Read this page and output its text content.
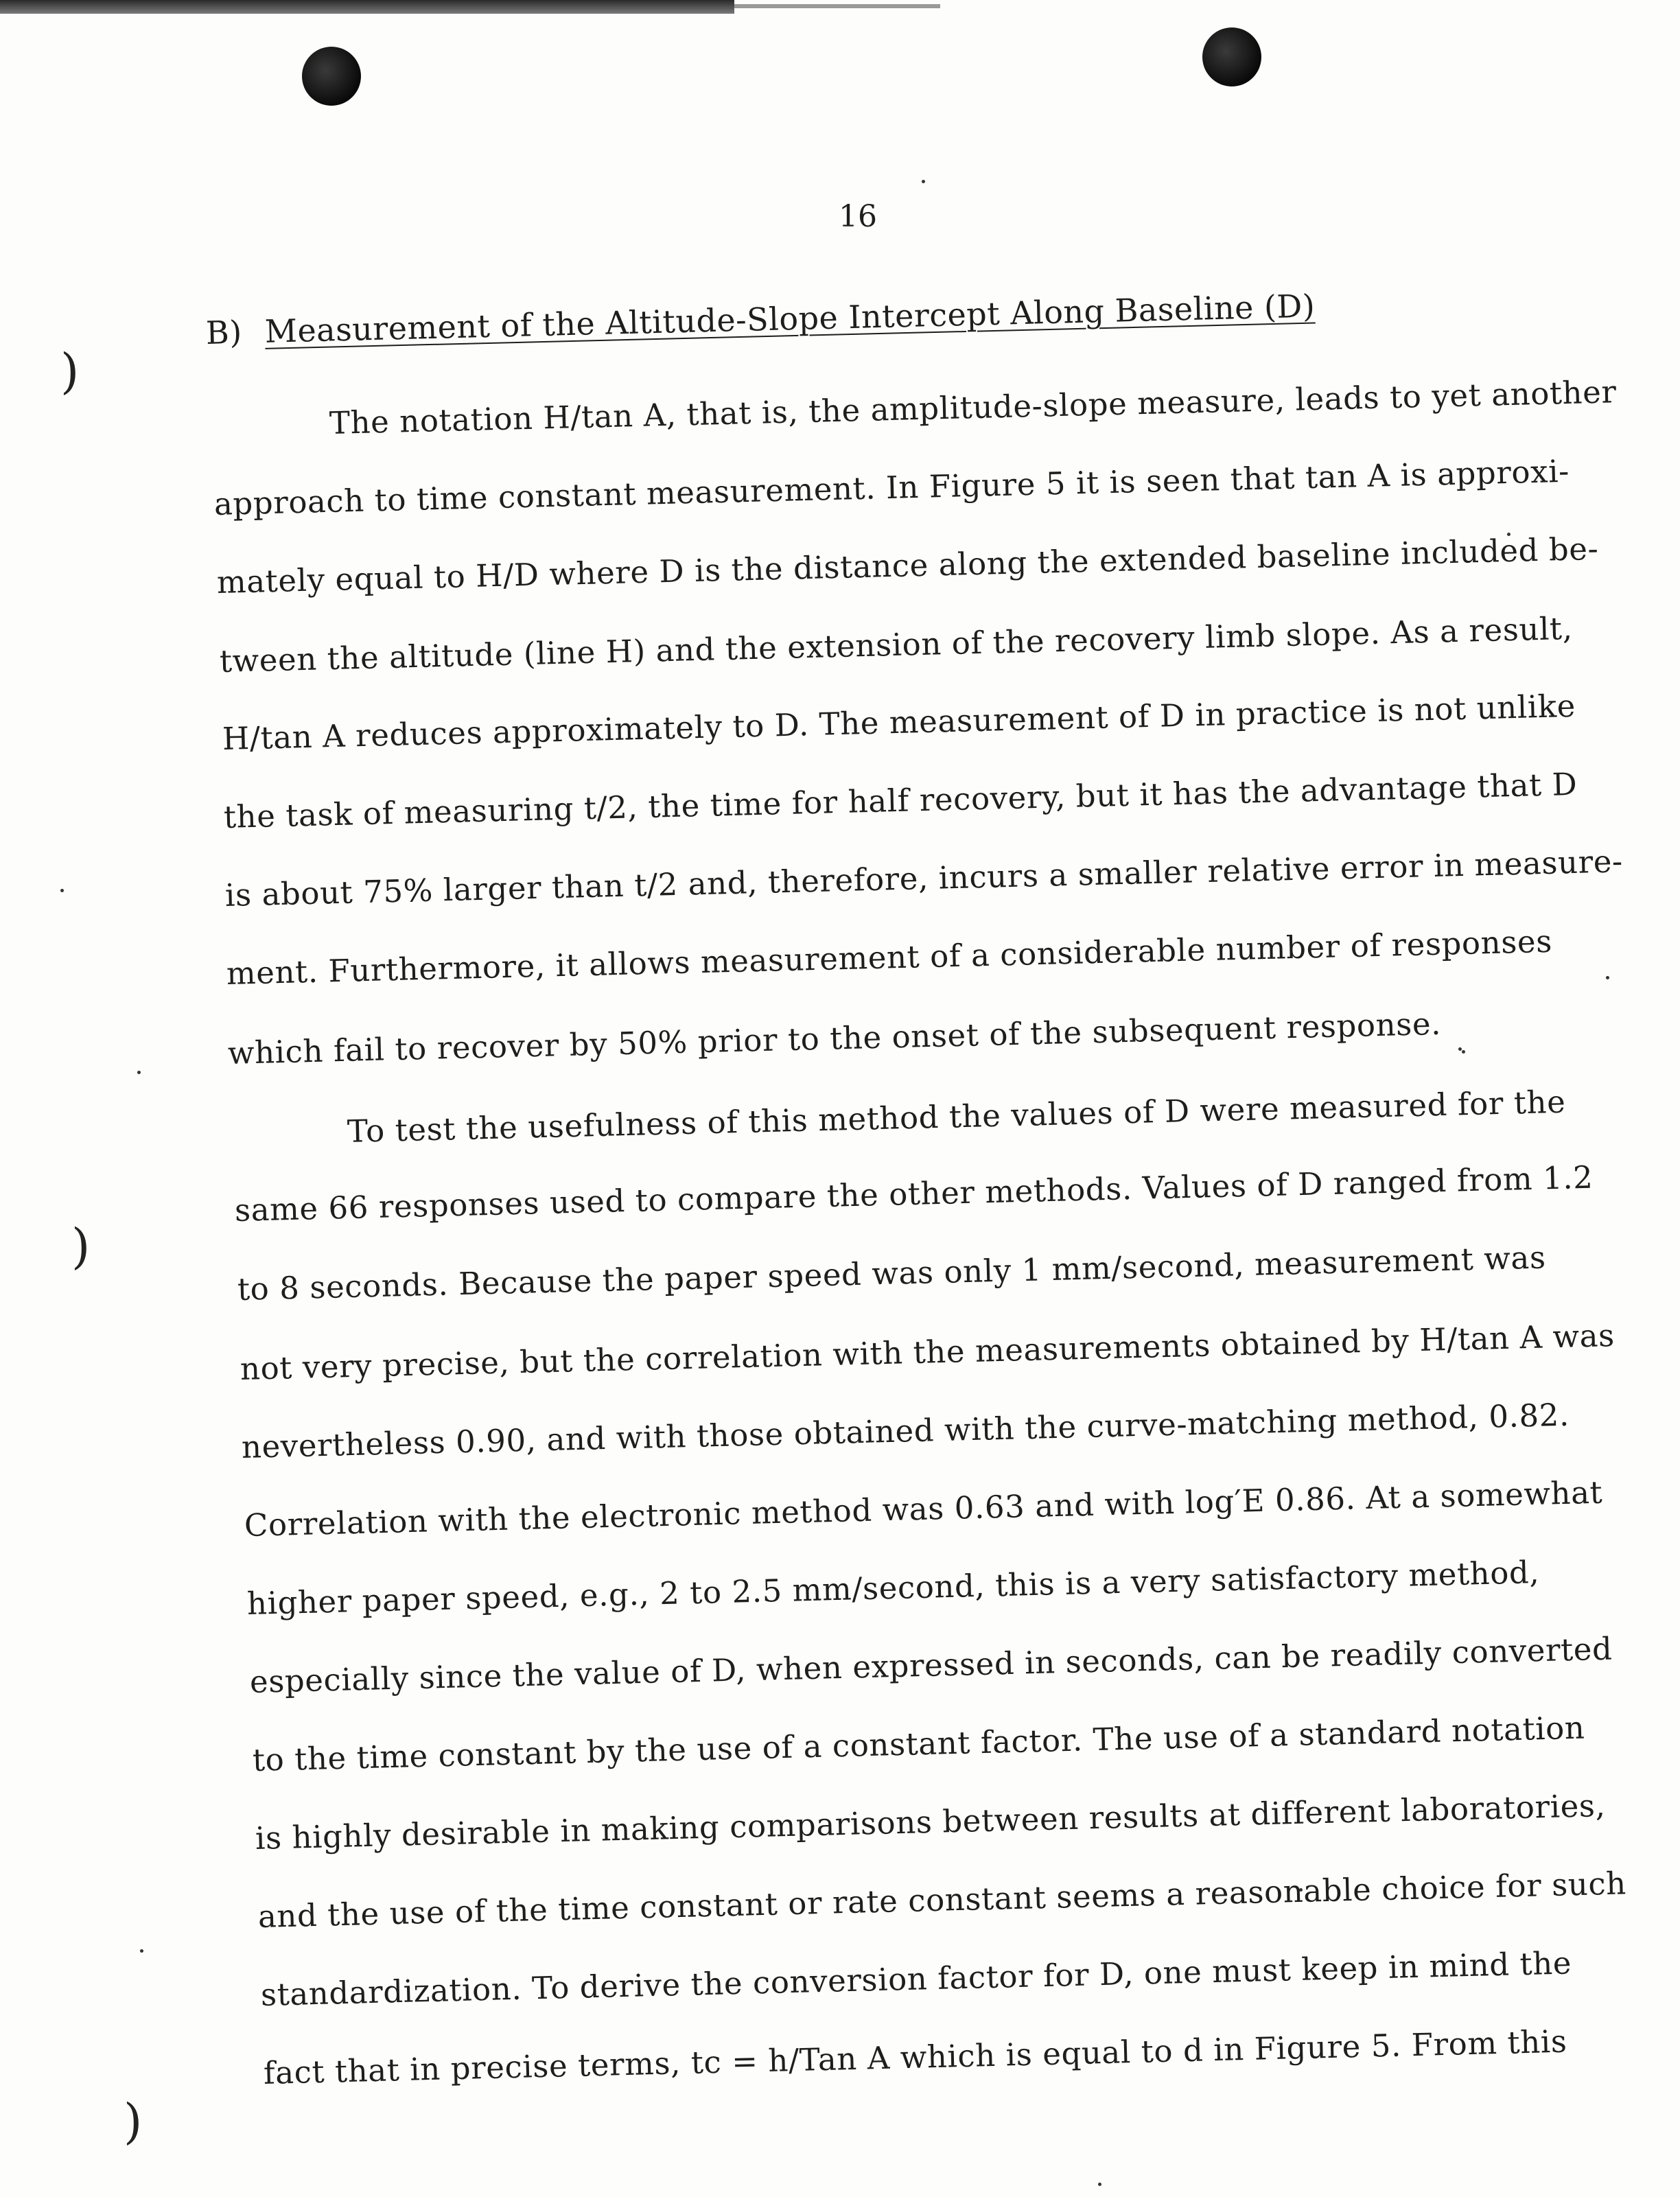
)
)
)
16
B) Measurement of the Altitude-Slope Intercept Along Baseline (D)
The notation H/tan A, that is, the amplitude-slope measure, leads to yet another
approach to time constant measurement. In Figure 5 it is seen that tan A is approxi-
mately equal to H/D where D is the distance along the extended baseline included be-
tween the altitude (line H) and the extension of the recovery limb slope. As a result,
H/tan A reduces approximately to D. The measurement of D in practice is not unlike
the task of measuring t/2, the time for half recovery, but it has the advantage that D
is about 75% larger than t/2 and, therefore, incurs a smaller relative error in measure-
ment. Furthermore, it allows measurement of a considerable number of responses
which fail to recover by 50% prior to the onset of the subsequent response.
To test the usefulness of this method the values of D were measured for the
same 66 responses used to compare the other methods. Values of D ranged from 1.2
to 8 seconds. Because the paper speed was only 1 mm/second, measurement was
not very precise, but the correlation with the measurements obtained by H/tan A was
nevertheless 0.90, and with those obtained with the curve-matching method, 0.82.
Correlation with the electronic method was 0.63 and with log′E 0.86. At a somewhat
higher paper speed, e.g., 2 to 2.5 mm/second, this is a very satisfactory method,
especially since the value of D, when expressed in seconds, can be readily converted
to the time constant by the use of a constant factor. The use of a standard notation
is highly desirable in making comparisons between results at different laboratories,
and the use of the time constant or rate constant seems a reasonable choice for such
standardization. To derive the conversion factor for D, one must keep in mind the
fact that in precise terms, tc = h/Tan A which is equal to d in Figure 5. From this
